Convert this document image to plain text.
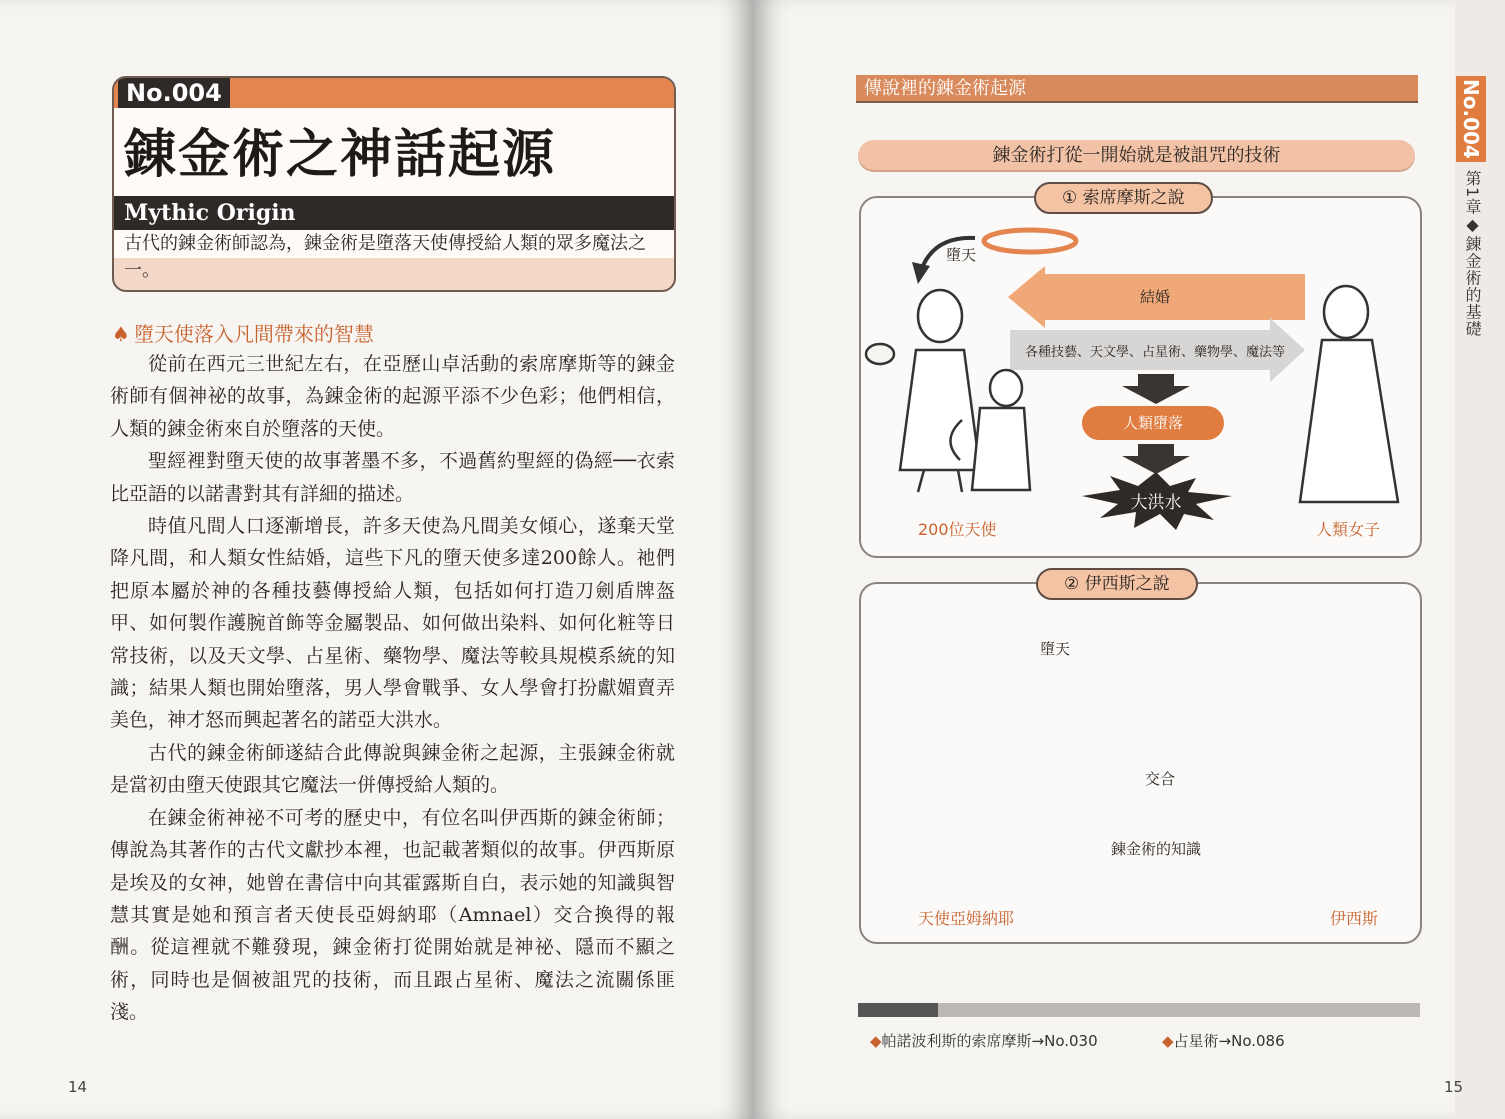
No.004
錬金術之神話起源
Mythic Origin
古代的錬金術師認為，錬金術是墮落天使傳授給人類的眾多魔法之一。
♠ 墮天使落入凡間帶來的智慧

從前在西元三世紀左右，在亞歷山卓活動的索席摩斯等的錬金術師有個神祕的故事，為錬金術的起源平添不少色彩；他們相信，人類的錬金術來自於墮落的天使。

聖經裡對墮天使的故事著墨不多，不過舊約聖經的偽經──衣索比亞語的以諾書對其有詳細的描述。

時值凡間人口逐漸增長，許多天使為凡間美女傾心，遂棄天堂降凡間，和人類女性結婚，這些下凡的墮天使多達200餘人。祂們把原本屬於神的各種技藝傳授給人類，包括如何打造刀劍盾牌盔甲、如何製作護腕首飾等金屬製品、如何做出染料、如何化粧等日常技術，以及天文學、占星術、藥物學、魔法等較具規模系統的知識；結果人類也開始墮落，男人學會戰爭、女人學會打扮獻媚賣弄美色，神才怒而興起著名的諾亞大洪水。

古代的錬金術師遂結合此傳說與錬金術之起源，主張錬金術就是當初由墮天使跟其它魔法一併傳授給人類的。

在錬金術神祕不可考的歷史中，有位名叫伊西斯的錬金術師；傳說為其著作的古代文獻抄本裡，也記載著類似的故事。伊西斯原是埃及的女神，她曾在書信中向其霍露斯自白，表示她的知識與智慧其實是她和預言者天使長亞姆納耶（Amnael）交合換得的報酬。從這裡就不難發現，錬金術打從開始就是神祕、隱而不顯之術，同時也是個被詛咒的技術，而且跟占星術、魔法之流關係匪淺。

14
傳說裡的錬金術起源
錬金術打從一開始就是被詛咒的技術
① 索席摩斯之說
墮天
結婚
各種技藝、天文學、占星術、藥物學、魔法等
人類墮落
大洪水
200位天使	人類女子
② 伊西斯之說
墮天
交合
錬金術的知識
天使亞姆納耶	伊西斯
No.004
第1章◆錬金術的基礎
◆帕諾波利斯的索席摩斯→No.030	◆占星術→No.086
15
